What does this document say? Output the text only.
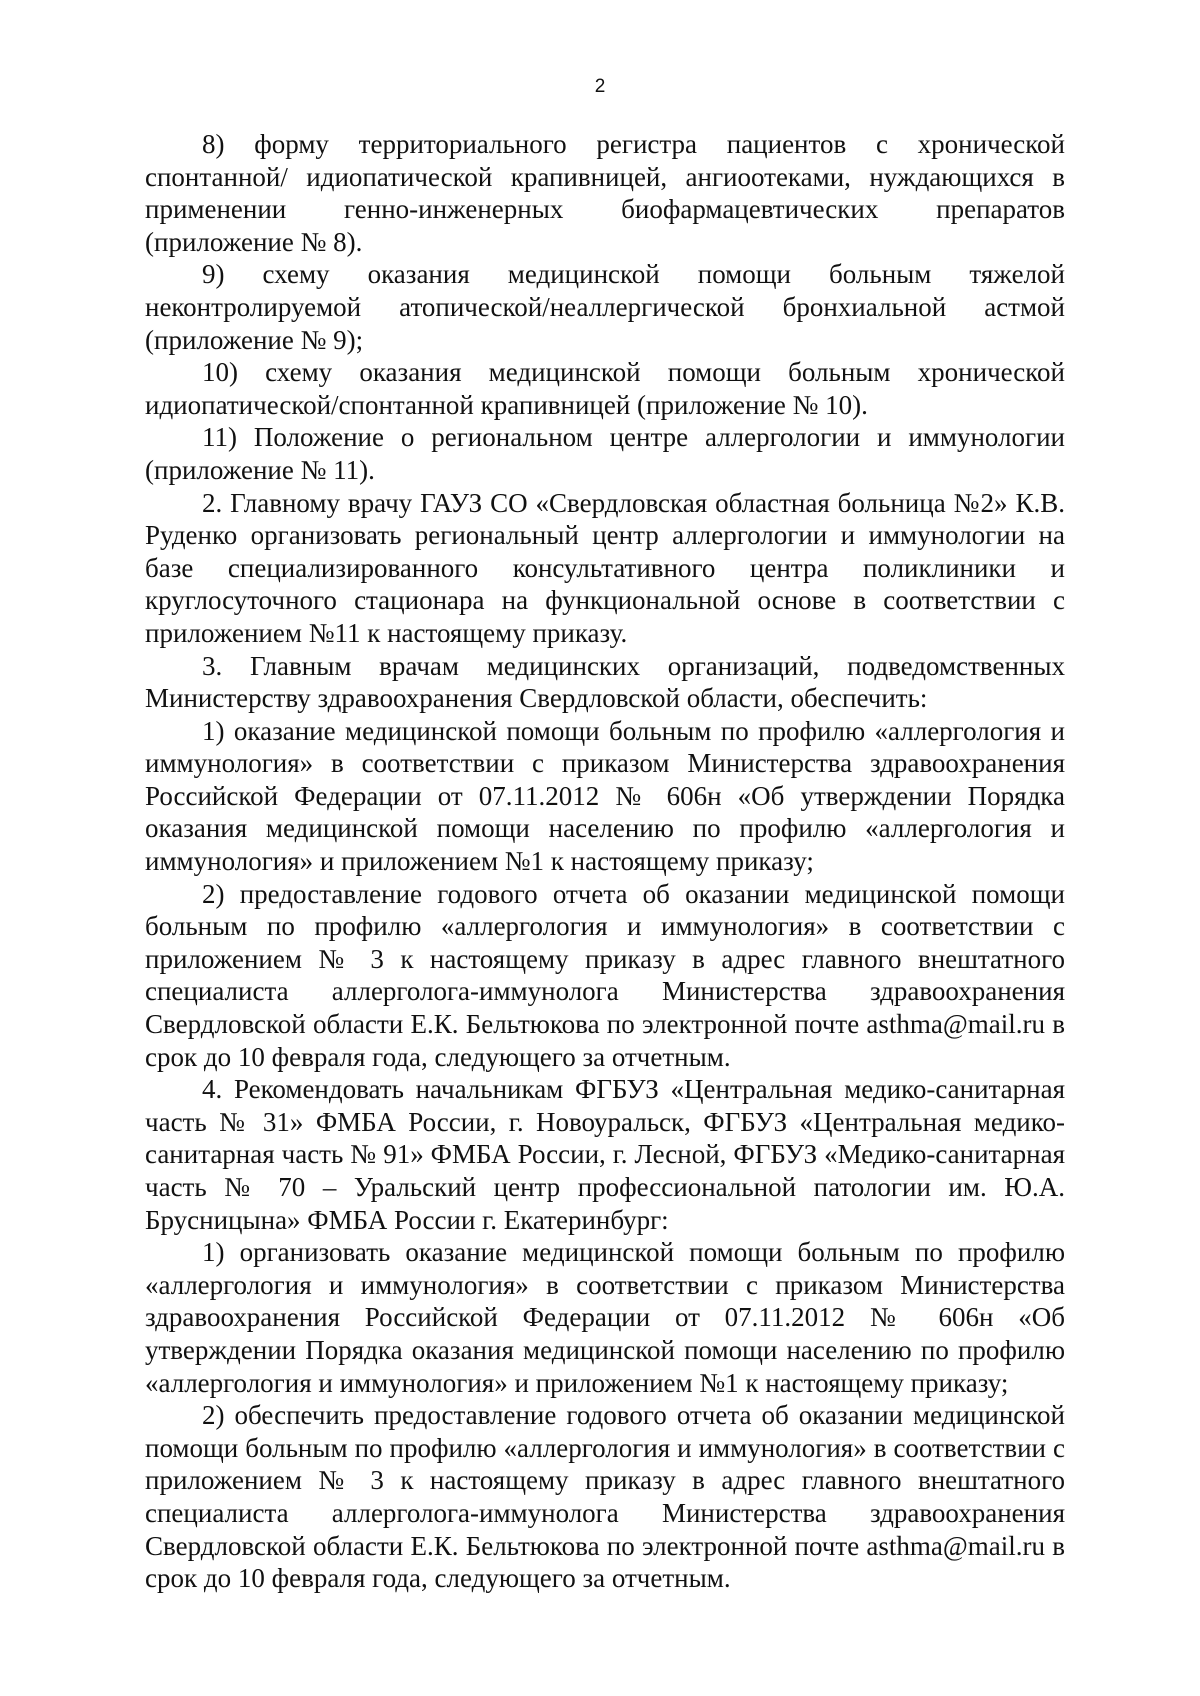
2

8) форму территориального регистра пациентов с хронической спонтанной/ идиопатической крапивницей, ангиоотеками, нуждающихся в применении генно-инженерных биофармацевтических препаратов (приложение № 8).

9) схему оказания медицинской помощи больным тяжелой неконтролируемой атопической/неаллергической бронхиальной астмой (приложение № 9);

10) схему оказания медицинской помощи больным хронической идиопатической/спонтанной крапивницей (приложение № 10).

11) Положение о региональном центре аллергологии и иммунологии (приложение № 11).

2. Главному врачу ГАУЗ СО «Свердловская областная больница №2» К.В. Руденко организовать региональный центр аллергологии и иммунологии на базе специализированного консультативного центра поликлиники и круглосуточного стационара на функциональной основе в соответствии с приложением №11 к настоящему приказу.

3. Главным врачам медицинских организаций, подведомственных Министерству здравоохранения Свердловской области, обеспечить:

1) оказание медицинской помощи больным по профилю «аллергология и иммунология» в соответствии с приказом Министерства здравоохранения Российской Федерации от 07.11.2012 № 606н «Об утверждении Порядка оказания медицинской помощи населению по профилю «аллергология и иммунология» и приложением №1 к настоящему приказу;

2) предоставление годового отчета об оказании медицинской помощи больным по профилю «аллергология и иммунология» в соответствии с приложением № 3 к настоящему приказу в адрес главного внештатного специалиста аллерголога-иммунолога Министерства здравоохранения Свердловской области Е.К. Бельтюкова по электронной почте asthma@mail.ru в срок до 10 февраля года, следующего за отчетным.

4. Рекомендовать начальникам ФГБУЗ «Центральная медико-санитарная часть № 31» ФМБА России, г. Новоуральск, ФГБУЗ «Центральная медико-санитарная часть № 91» ФМБА России, г. Лесной, ФГБУЗ «Медико-санитарная часть № 70 – Уральский центр профессиональной патологии им. Ю.А. Брусницына» ФМБА России г. Екатеринбург:

1) организовать оказание медицинской помощи больным по профилю «аллергология и иммунология» в соответствии с приказом Министерства здравоохранения Российской Федерации от 07.11.2012 № 606н «Об утверждении Порядка оказания медицинской помощи населению по профилю «аллергология и иммунология» и приложением №1 к настоящему приказу;

2) обеспечить предоставление годового отчета об оказании медицинской помощи больным по профилю «аллергология и иммунология» в соответствии с приложением № 3 к настоящему приказу в адрес главного внештатного специалиста аллерголога-иммунолога Министерства здравоохранения Свердловской области Е.К. Бельтюкова по электронной почте asthma@mail.ru в срок до 10 февраля года, следующего за отчетным.
